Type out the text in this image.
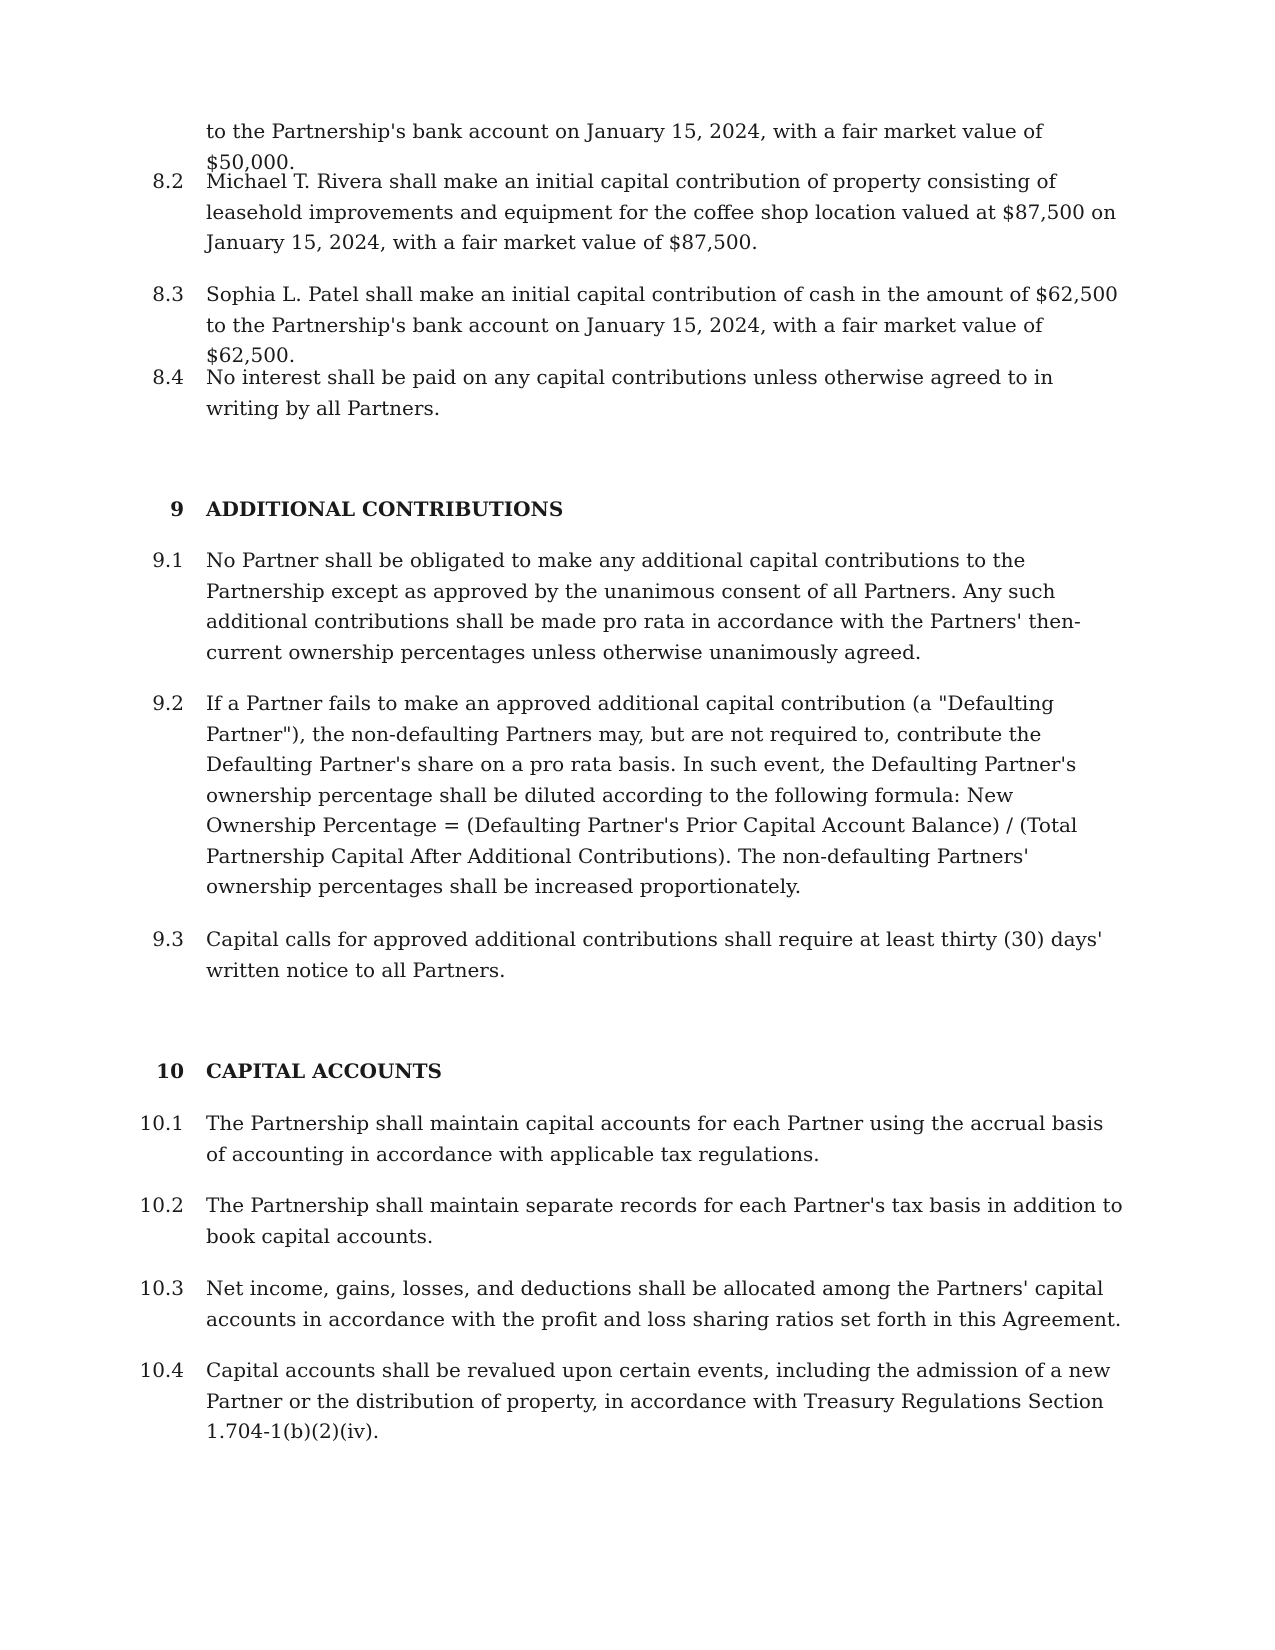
to the Partnership's bank account on January 15, 2024, with a fair market value of $50,000.
8.2 Michael T. Rivera shall make an initial capital contribution of property consisting of leasehold improvements and equipment for the coffee shop location valued at $87,500 on January 15, 2024, with a fair market value of $87,500.
8.3 Sophia L. Patel shall make an initial capital contribution of cash in the amount of $62,500 to the Partnership's bank account on January 15, 2024, with a fair market value of $62,500.
8.4 No interest shall be paid on any capital contributions unless otherwise agreed to in writing by all Partners.
9 ADDITIONAL CONTRIBUTIONS
9.1 No Partner shall be obligated to make any additional capital contributions to the Partnership except as approved by the unanimous consent of all Partners. Any such additional contributions shall be made pro rata in accordance with the Partners' then-current ownership percentages unless otherwise unanimously agreed.
9.2 If a Partner fails to make an approved additional capital contribution (a "Defaulting Partner"), the non-defaulting Partners may, but are not required to, contribute the Defaulting Partner's share on a pro rata basis. In such event, the Defaulting Partner's ownership percentage shall be diluted according to the following formula: New Ownership Percentage = (Defaulting Partner's Prior Capital Account Balance) / (Total Partnership Capital After Additional Contributions). The non-defaulting Partners' ownership percentages shall be increased proportionately.
9.3 Capital calls for approved additional contributions shall require at least thirty (30) days' written notice to all Partners.
10 CAPITAL ACCOUNTS
10.1 The Partnership shall maintain capital accounts for each Partner using the accrual basis of accounting in accordance with applicable tax regulations.
10.2 The Partnership shall maintain separate records for each Partner's tax basis in addition to book capital accounts.
10.3 Net income, gains, losses, and deductions shall be allocated among the Partners' capital accounts in accordance with the profit and loss sharing ratios set forth in this Agreement.
10.4 Capital accounts shall be revalued upon certain events, including the admission of a new Partner or the distribution of property, in accordance with Treasury Regulations Section 1.704-1(b)(2)(iv).
